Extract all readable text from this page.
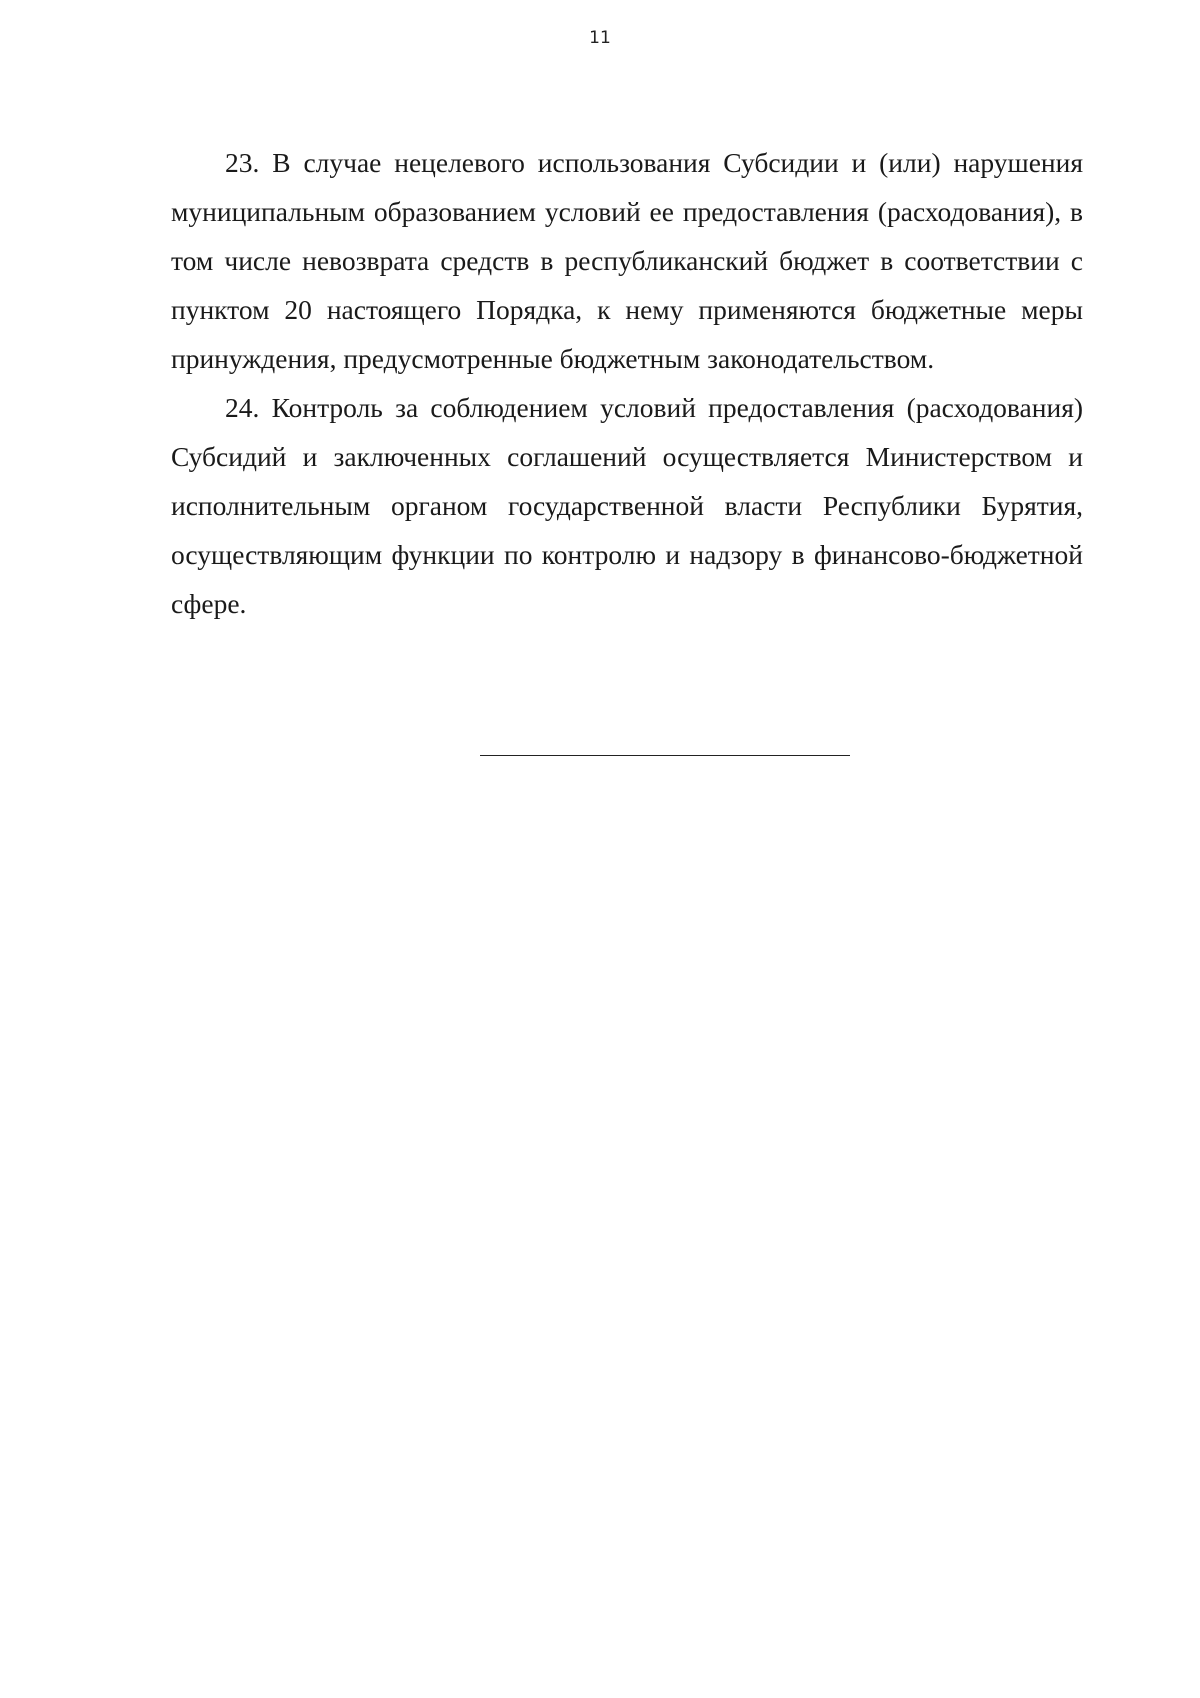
11

23. В случае нецелевого использования Субсидии и (или) нарушения муниципальным образованием условий ее предоставления (расходования), в том числе невозврата средств в республиканский бюджет в соответствии с пунктом 20 настоящего Порядка, к нему применяются бюджетные меры принуждения, предусмотренные бюджетным законодательством.

24. Контроль за соблюдением условий предоставления (расходования) Субсидий и заключенных соглашений осуществляется Министерством и исполнительным органом государственной власти Республики Бурятия, осуществляющим функции по контролю и надзору в финансово-бюджетной сфере.
